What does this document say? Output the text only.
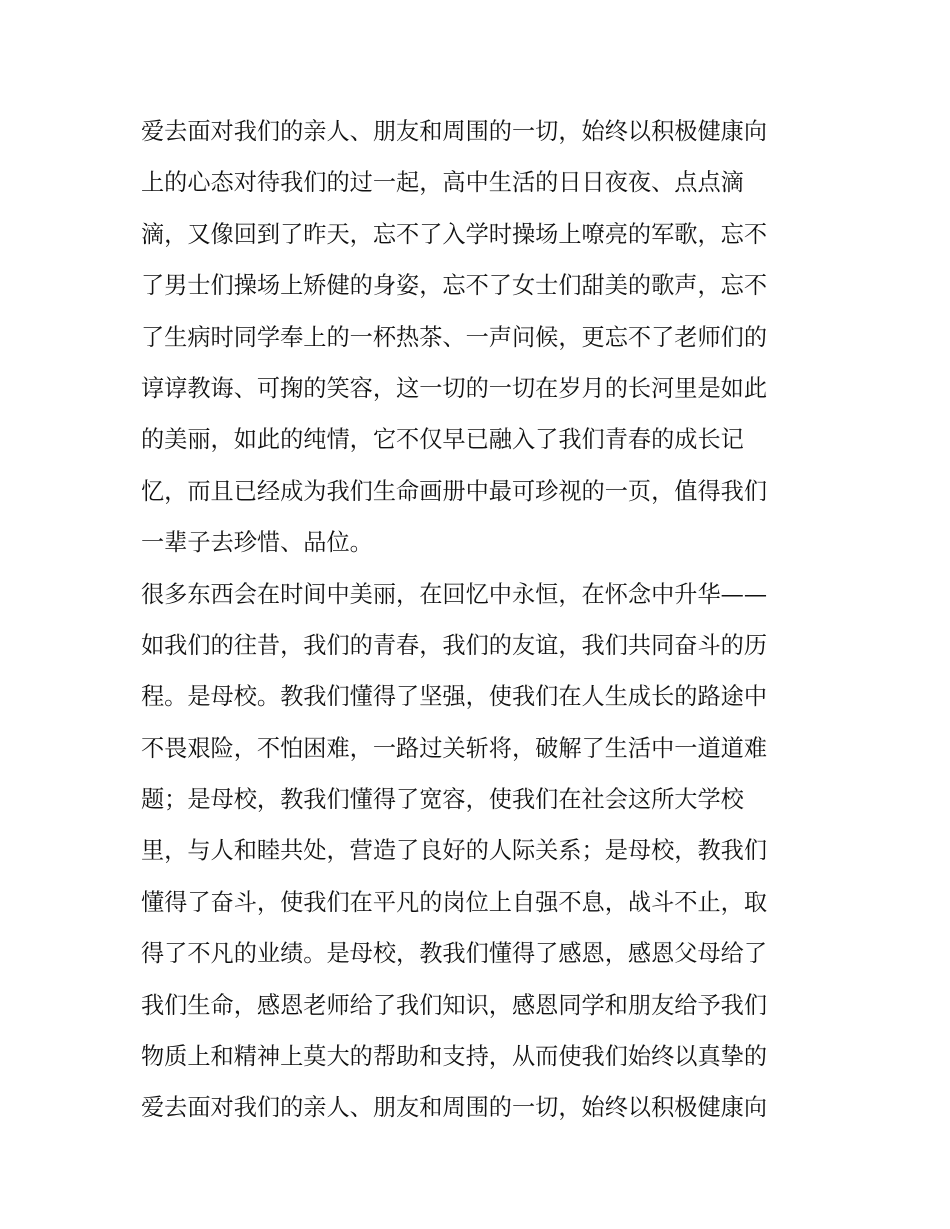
爱去面对我们的亲人、朋友和周围的一切，始终以积极健康向
上的心态对待我们的过一起，高中生活的日日夜夜、点点滴
滴，又像回到了昨天，忘不了入学时操场上嘹亮的军歌，忘不
了男士们操场上矫健的身姿，忘不了女士们甜美的歌声，忘不
了生病时同学奉上的一杯热茶、一声问候，更忘不了老师们的
谆谆教诲、可掬的笑容，这一切的一切在岁月的长河里是如此
的美丽，如此的纯情，它不仅早已融入了我们青春的成长记
忆，而且已经成为我们生命画册中最可珍视的一页，值得我们
一辈子去珍惜、品位。
很多东西会在时间中美丽，在回忆中永恒，在怀念中升华——
如我们的往昔，我们的青春，我们的友谊，我们共同奋斗的历
程。是母校。教我们懂得了坚强，使我们在人生成长的路途中
不畏艰险，不怕困难，一路过关斩将，破解了生活中一道道难
题；是母校，教我们懂得了宽容，使我们在社会这所大学校
里，与人和睦共处，营造了良好的人际关系；是母校，教我们
懂得了奋斗，使我们在平凡的岗位上自强不息，战斗不止，取
得了不凡的业绩。是母校，教我们懂得了感恩，感恩父母给了
我们生命，感恩老师给了我们知识，感恩同学和朋友给予我们
物质上和精神上莫大的帮助和支持，从而使我们始终以真挚的
爱去面对我们的亲人、朋友和周围的一切，始终以积极健康向
